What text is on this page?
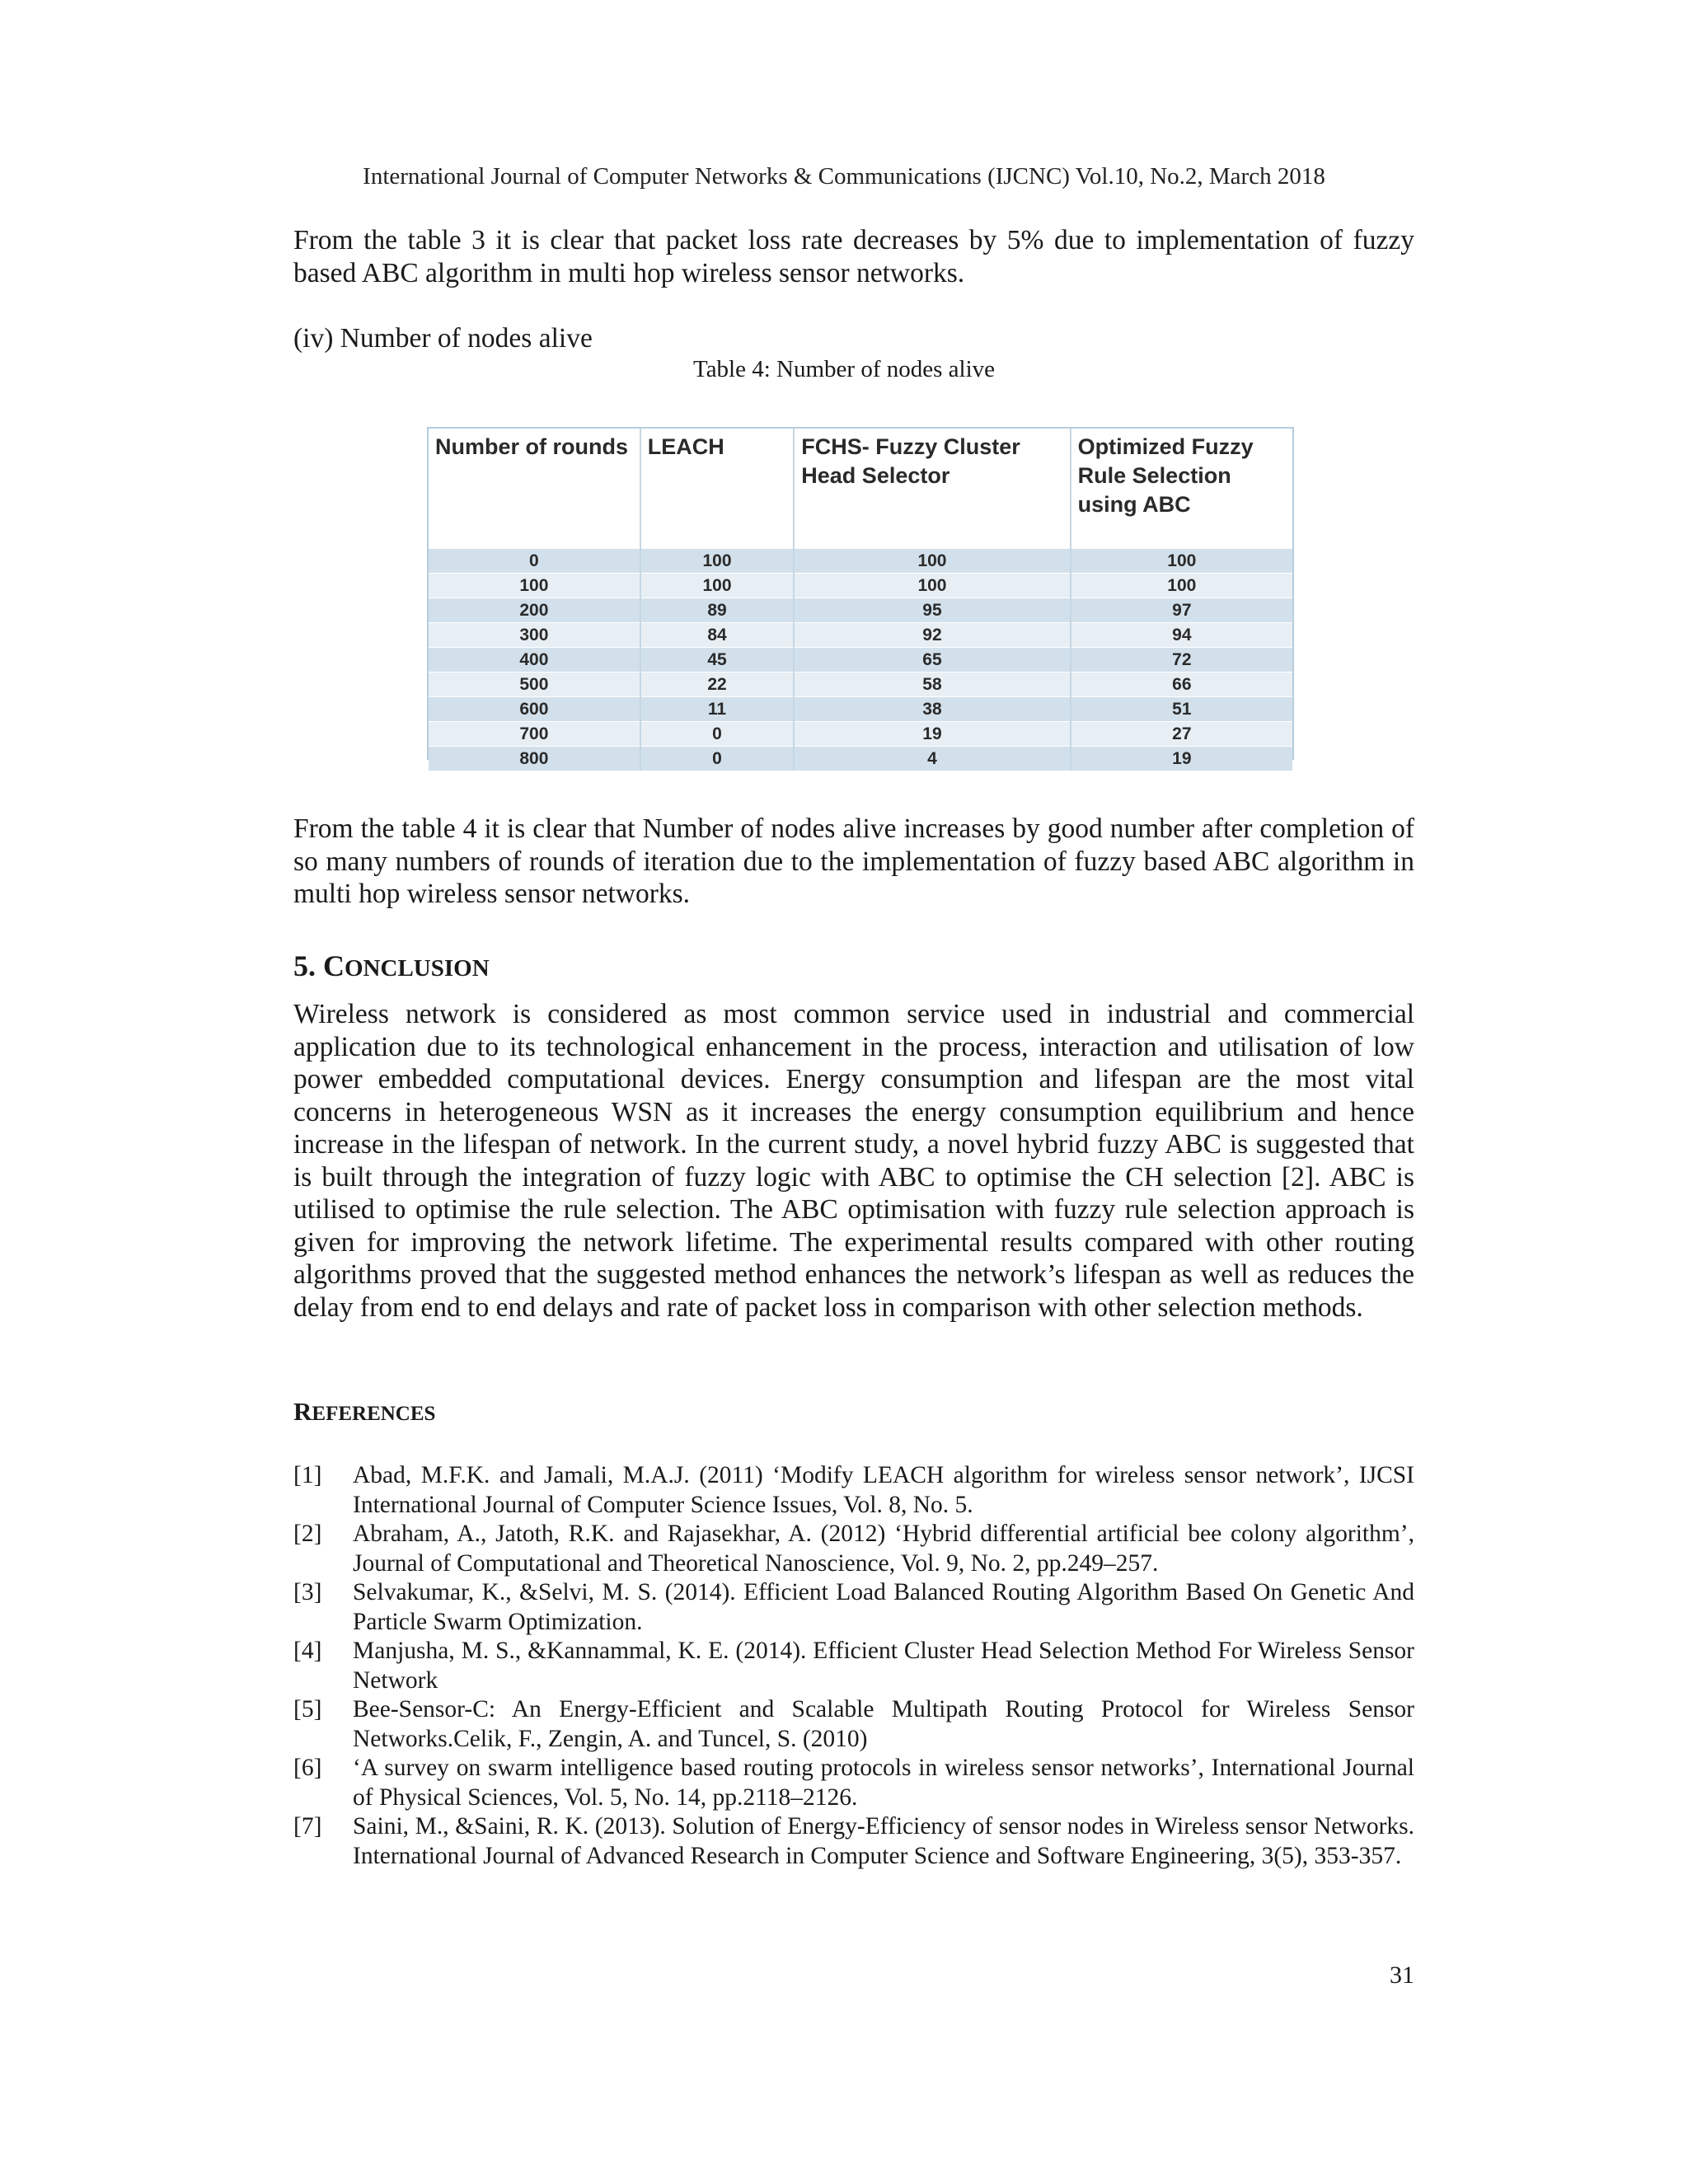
International Journal of Computer Networks & Communications (IJCNC) Vol.10, No.2, March 2018

From the table 3 it is clear that packet loss rate decreases by 5% due to implementation of fuzzy based ABC algorithm in multi hop wireless sensor networks.

(iv) Number of nodes alive
Table 4: Number of nodes alive
Number of rounds	LEACH	FCHS- Fuzzy Cluster Head Selector	Optimized Fuzzy Rule Selection using ABC
0	100	100	100
100	100	100	100
200	89	95	97
300	84	92	94
400	45	65	72
500	22	58	66
600	11	38	51
700	0	19	27
800	0	4	19

From the table 4 it is clear that Number of nodes alive increases by good number after completion of so many numbers of rounds of iteration due to the implementation of fuzzy based ABC algorithm in multi hop wireless sensor networks.

5. CONCLUSION

Wireless network is considered as most common service used in industrial and commercial application due to its technological enhancement in the process, interaction and utilisation of low power embedded computational devices. Energy consumption and lifespan are the most vital concerns in heterogeneous WSN as it increases the energy consumption equilibrium and hence increase in the lifespan of network. In the current study, a novel hybrid fuzzy ABC is suggested that is built through the integration of fuzzy logic with ABC to optimise the CH selection [2]. ABC is utilised to optimise the rule selection. The ABC optimisation with fuzzy rule selection approach is given for improving the network lifetime. The experimental results compared with other routing algorithms proved that the suggested method enhances the network’s lifespan as well as reduces the delay from end to end delays and rate of packet loss in comparison with other selection methods.

REFERENCES
[1]	Abad, M.F.K. and Jamali, M.A.J. (2011) ‘Modify LEACH algorithm for wireless sensor network’, IJCSI International Journal of Computer Science Issues, Vol. 8, No. 5.
[2]	Abraham, A., Jatoth, R.K. and Rajasekhar, A. (2012) ‘Hybrid differential artificial bee colony algorithm’, Journal of Computational and Theoretical Nanoscience, Vol. 9, No. 2, pp.249–257.
[3]	Selvakumar, K., &Selvi, M. S. (2014). Efficient Load Balanced Routing Algorithm Based On Genetic And Particle Swarm Optimization.
[4]	Manjusha, M. S., &Kannammal, K. E. (2014). Efficient Cluster Head Selection Method For Wireless Sensor Network
[5]	Bee-Sensor-C: An Energy-Efficient and Scalable Multipath Routing Protocol for Wireless Sensor Networks.Celik, F., Zengin, A. and Tuncel, S. (2010)
[6]	‘A survey on swarm intelligence based routing protocols in wireless sensor networks’, International Journal of Physical Sciences, Vol. 5, No. 14, pp.2118–2126.
[7]	Saini, M., &Saini, R. K. (2013). Solution of Energy-Efficiency of sensor nodes in Wireless sensor Networks. International Journal of Advanced Research in Computer Science and Software Engineering, 3(5), 353-357.
31
